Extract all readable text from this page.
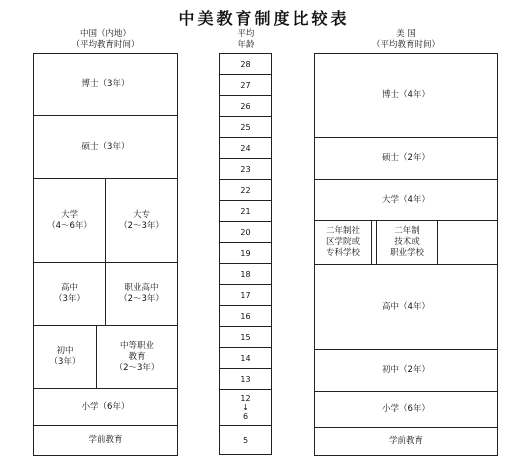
中美教育制度比较表
中国（内地）
（平均教育时间）
平均
年龄
美 国
（平均教育时间）
博士（3年）
硕士（3年）
大学
（4～6年）
大专
（2～3年）
高中
（3年）
职业高中
（2～3年）
初中
（3年）
中等职业
教育
（2～3年）
小学（6年）
学前教育
28
27
26
25
24
23
22
21
20
19
18
17
16
15
14
13
12
↓
6
5
博士（4年）
硕士（2年）
大学（4年）
二年制社
区学院或
专科学校
二年制
技术或
职业学校
高中（4年）
初中（2年）
小学（6年）
学前教育
